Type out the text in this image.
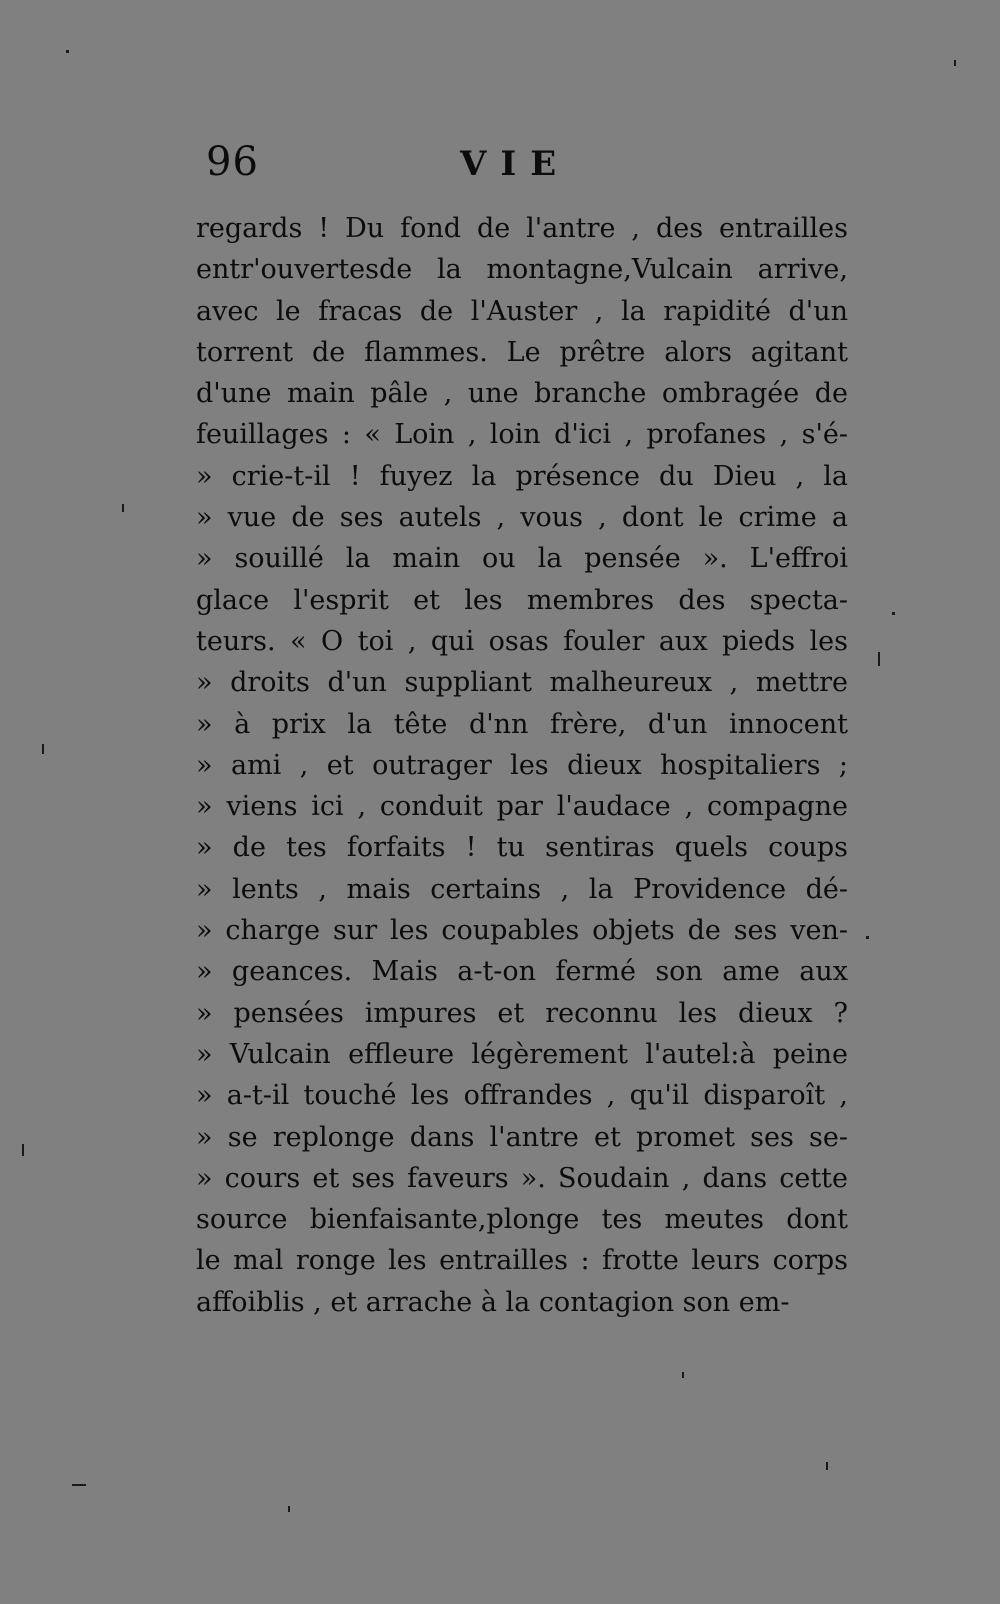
96	VIE
regards ! Du fond de l'antre , des entrailles
entr'ouvertesde la montagne,Vulcain arrive,
avec le fracas de l'Auster , la rapidité d'un
torrent de flammes. Le prêtre alors agitant
d'une main pâle , une branche ombragée de
feuillages : « Loin , loin d'ici , profanes , s'é-
» crie-t-il ! fuyez la présence du Dieu , la
» vue de ses autels , vous , dont le crime a
» souillé la main ou la pensée ». L'effroi
glace l'esprit et les membres des specta-
teurs. « O toi , qui osas fouler aux pieds les
» droits d'un suppliant malheureux , mettre
» à prix la tête d'nn frère, d'un innocent
» ami , et outrager les dieux hospitaliers ;
» viens ici , conduit par l'audace , compagne
» de tes forfaits ! tu sentiras quels coups
» lents , mais certains , la Providence dé-
» charge sur les coupables objets de ses ven-
» geances. Mais a-t-on fermé son ame aux
» pensées impures et reconnu les dieux ?
» Vulcain effleure légèrement l'autel:à peine
» a-t-il touché les offrandes , qu'il disparoît ,
» se replonge dans l'antre et promet ses se-
» cours et ses faveurs ». Soudain , dans cette
source bienfaisante,plonge tes meutes dont
le mal ronge les entrailles : frotte leurs corps
affoiblis , et arrache à la contagion son em-
